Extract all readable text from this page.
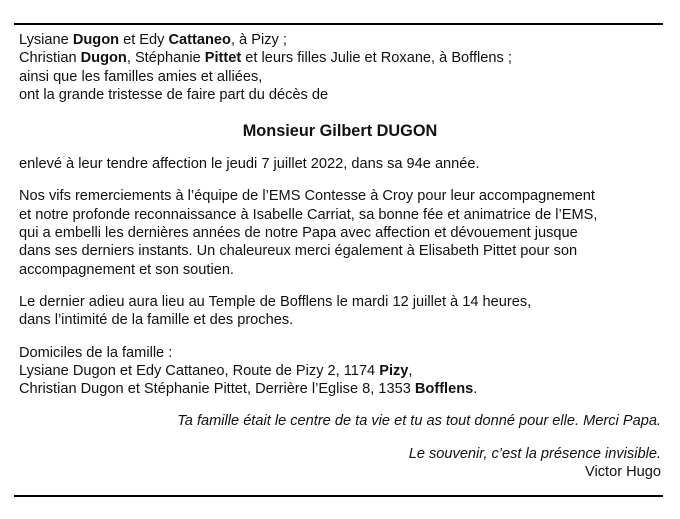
Lysiane Dugon et Edy Cattaneo, à Pizy ;
Christian Dugon, Stéphanie Pittet et leurs filles Julie et Roxane, à Bofflens ;
ainsi que les familles amies et alliées,
ont la grande tristesse de faire part du décès de
Monsieur Gilbert DUGON
enlevé à leur tendre affection le jeudi 7 juillet 2022, dans sa 94e année.
Nos vifs remerciements à l’équipe de l’EMS Contesse à Croy pour leur accompagnement
et notre profonde reconnaissance à Isabelle Carriat, sa bonne fée et animatrice de l’EMS,
qui a embelli les dernières années de notre Papa avec affection et dévouement jusque
dans ses derniers instants. Un chaleureux merci également à Elisabeth Pittet pour son
accompagnement et son soutien.
Le dernier adieu aura lieu au Temple de Bofflens le mardi 12 juillet à 14 heures,
dans l’intimité de la famille et des proches.
Domiciles de la famille :
Lysiane Dugon et Edy Cattaneo, Route de Pizy 2, 1174 Pizy,
Christian Dugon et Stéphanie Pittet, Derrière l’Eglise 8, 1353 Bofflens.
Ta famille était le centre de ta vie et tu as tout donné pour elle. Merci Papa.
Le souvenir, c’est la présence invisible.
Victor Hugo
